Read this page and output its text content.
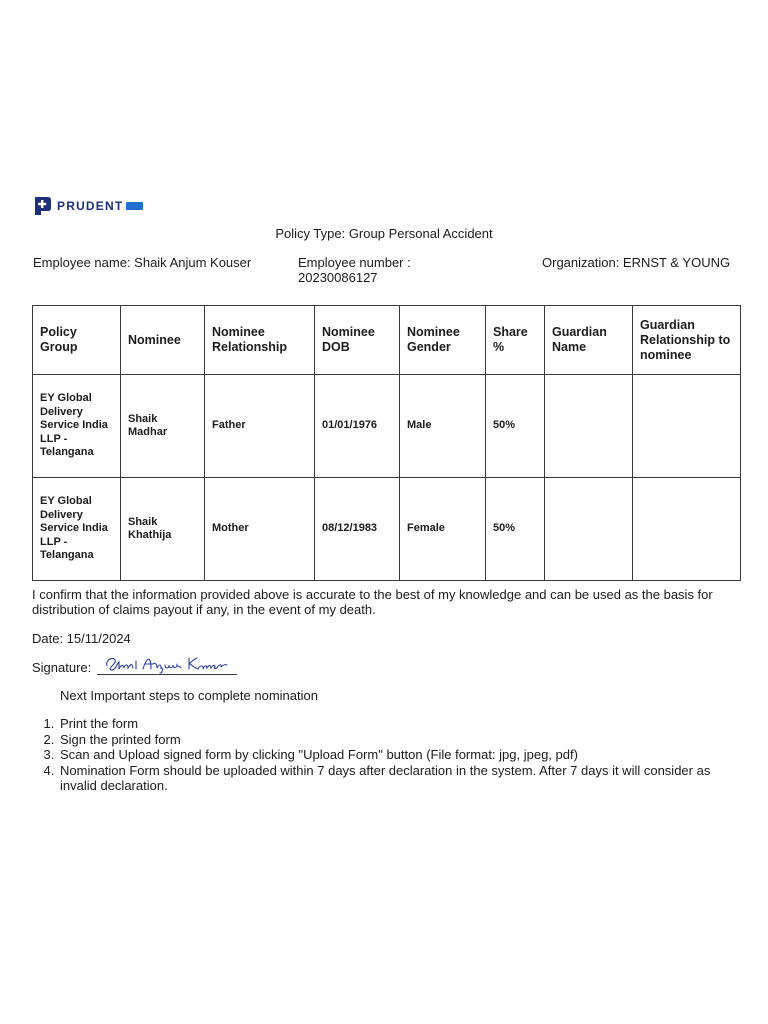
PRUDENT
Policy Type: Group Personal Accident
Employee name: Shaik Anjum Kouser	Employee number :
20230086127
Organization: ERNST & YOUNG
Policy Group	Nominee	Nominee Relationship	Nominee DOB	Nominee Gender	Share %	Guardian Name	Guardian Relationship to nominee
EY Global Delivery Service India LLP - Telangana	Shaik Madhar	Father	01/01/1976	Male	50%		
EY Global Delivery Service India LLP - Telangana	Shaik Khathija	Mother	08/12/1983	Female	50%		
I confirm that the information provided above is accurate to the best of my knowledge and can be used as the basis for distribution of claims payout if any, in the event of my death.
Date: 15/11/2024
Signature:
Next Important steps to complete nomination
1. Print the form
2. Sign the printed form
3. Scan and Upload signed form by clicking "Upload Form" button (File format: jpg, jpeg, pdf)
4. Nomination Form should be uploaded within 7 days after declaration in the system. After 7 days it will consider as invalid declaration.
